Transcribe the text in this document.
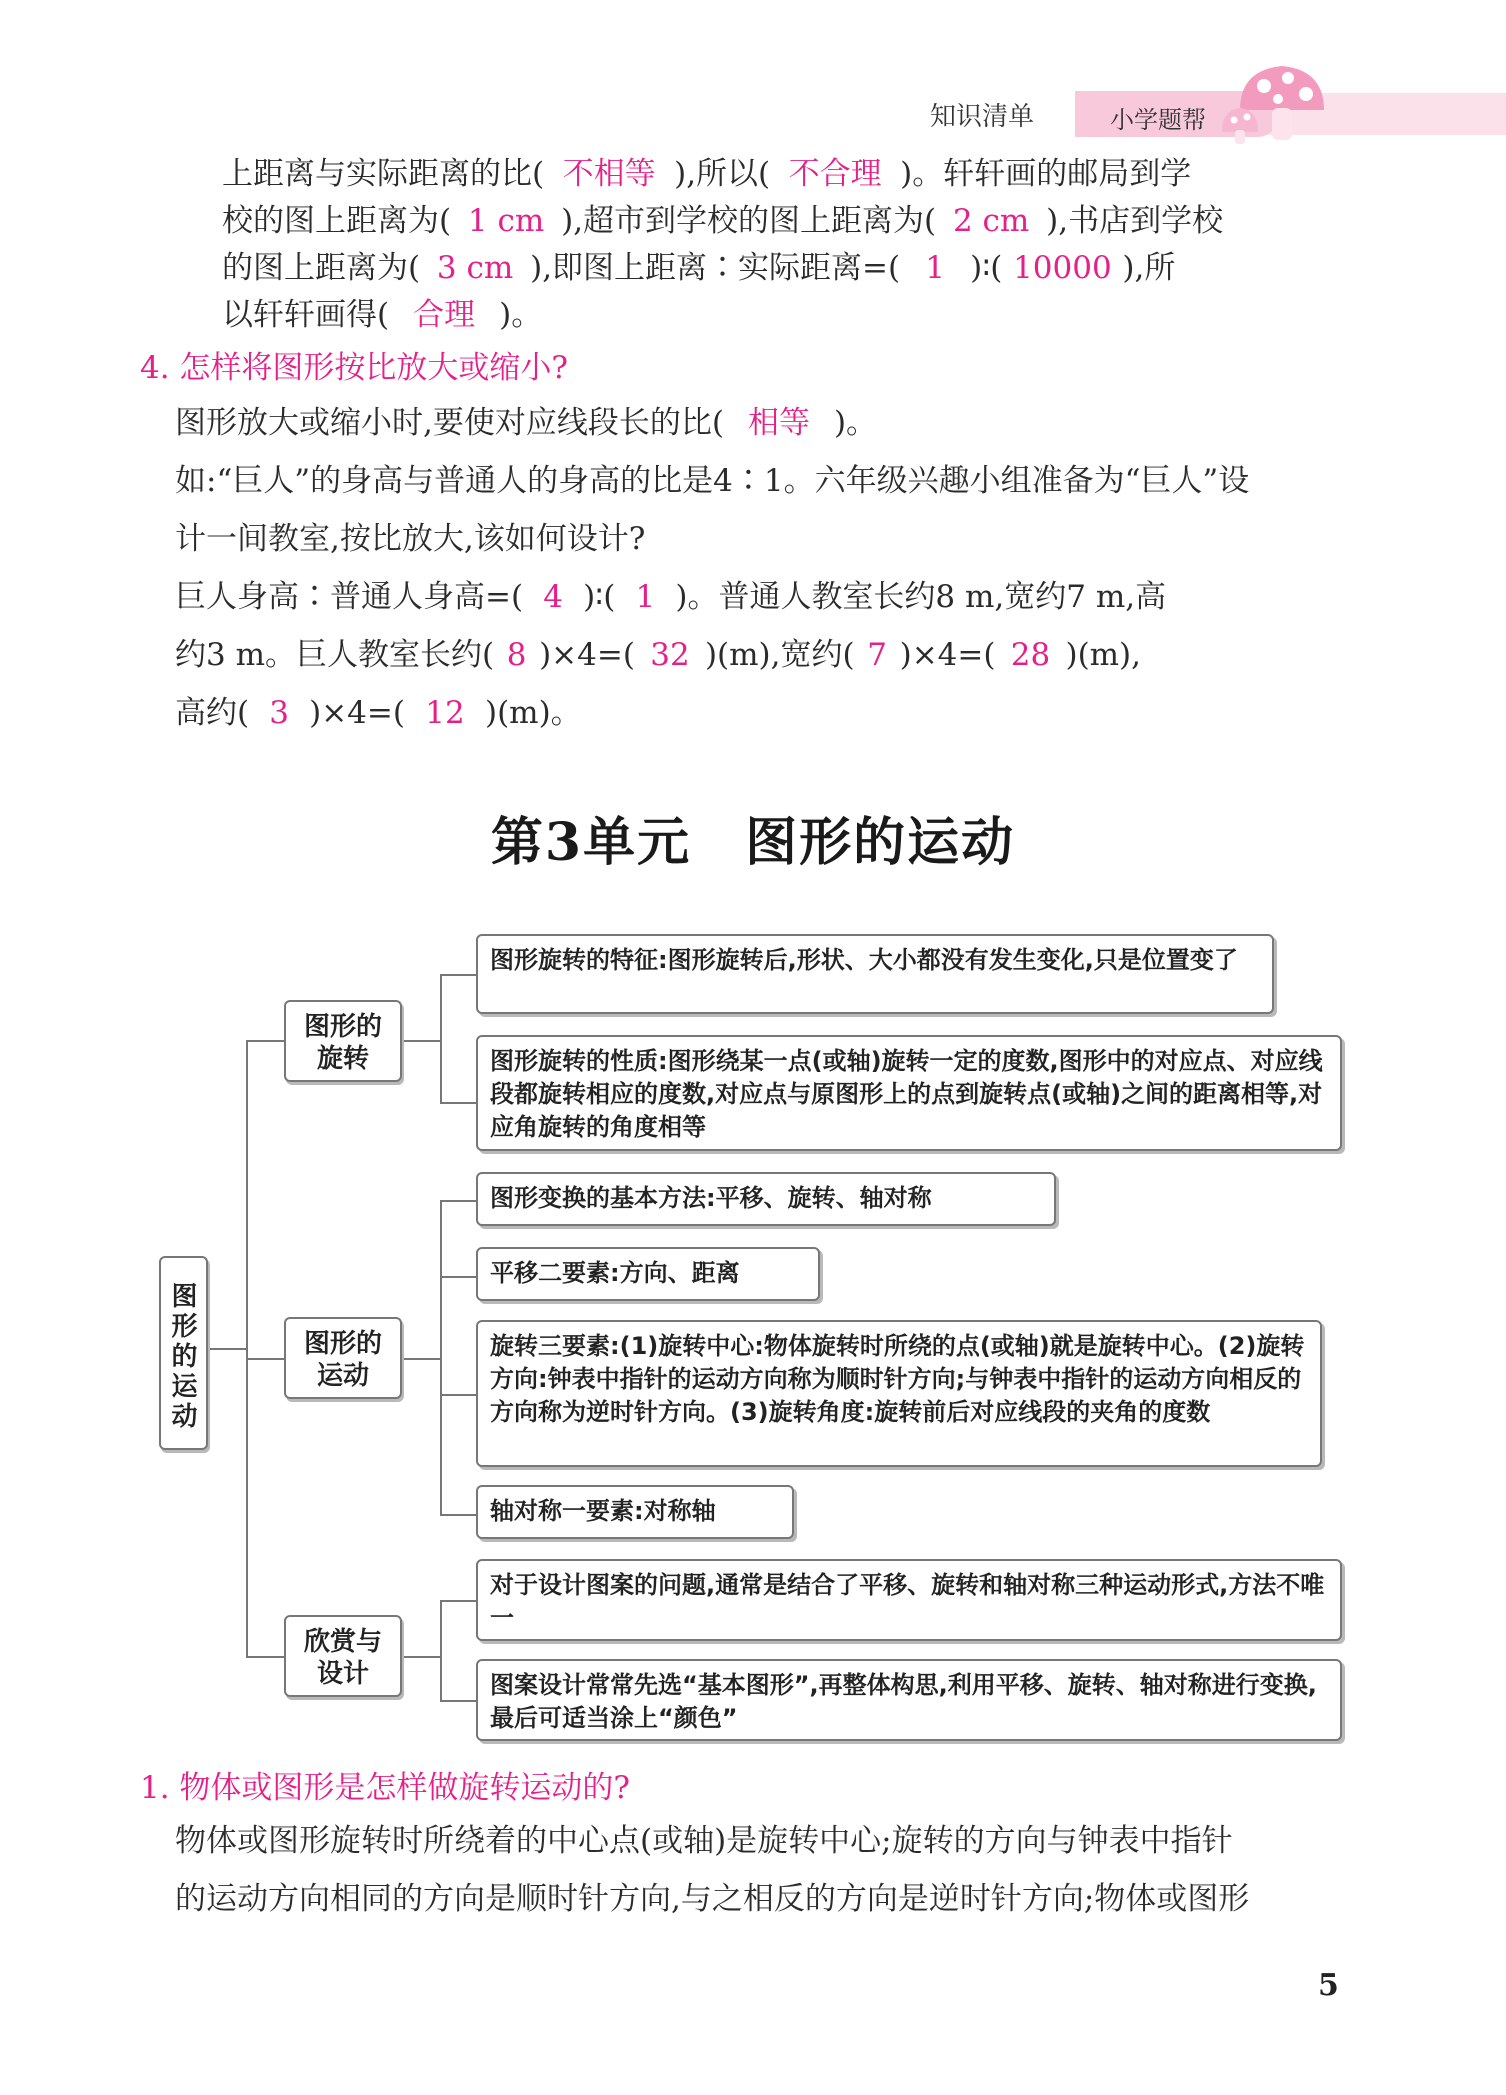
知识清单	小学题帮
上距离与实际距离的比( 不相等 ),所以( 不合理 )。轩轩画的邮局到学
校的图上距离为( 1 cm ),超市到学校的图上距离为( 2 cm ),书店到学校
的图上距离为( 3 cm ),即图上距离∶实际距离=( 1 )∶( 10000 ),所
以轩轩画得( 合理 )。
4. 怎样将图形按比放大或缩小?
图形放大或缩小时,要使对应线段长的比( 相等 )。
如:“巨人”的身高与普通人的身高的比是4∶1。六年级兴趣小组准备为“巨人”设
计一间教室,按比放大,该如何设计?
巨人身高∶普通人身高=( 4 )∶( 1 )。普通人教室长约8 m,宽约7 m,高
约3 m。巨人教室长约( 8 )×4=( 32 )(m),宽约( 7 )×4=( 28 )(m),
高约( 3 )×4=( 12 )(m)。
第3单元　图形的运动
图形的运动
图形的旋转
图形的运动
欣赏与设计
图形旋转的特征:图形旋转后,形状、大小都没有发生变化,只是位置变了
图形旋转的性质:图形绕某一点(或轴)旋转一定的度数,图形中的对应点、对应线段都旋转相应的度数,对应点与原图形上的点到旋转点(或轴)之间的距离相等,对应角旋转的角度相等
图形变换的基本方法:平移、旋转、轴对称
平移二要素:方向、距离
旋转三要素:(1)旋转中心:物体旋转时所绕的点(或轴)就是旋转中心。(2)旋转方向:钟表中指针的运动方向称为顺时针方向;与钟表中指针的运动方向相反的方向称为逆时针方向。(3)旋转角度:旋转前后对应线段的夹角的度数
轴对称一要素:对称轴
对于设计图案的问题,通常是结合了平移、旋转和轴对称三种运动形式,方法不唯一
图案设计常常先选“基本图形”,再整体构思,利用平移、旋转、轴对称进行变换,最后可适当涂上“颜色”
1. 物体或图形是怎样做旋转运动的?
物体或图形旋转时所绕着的中心点(或轴)是旋转中心;旋转的方向与钟表中指针
的运动方向相同的方向是顺时针方向,与之相反的方向是逆时针方向;物体或图形
5
